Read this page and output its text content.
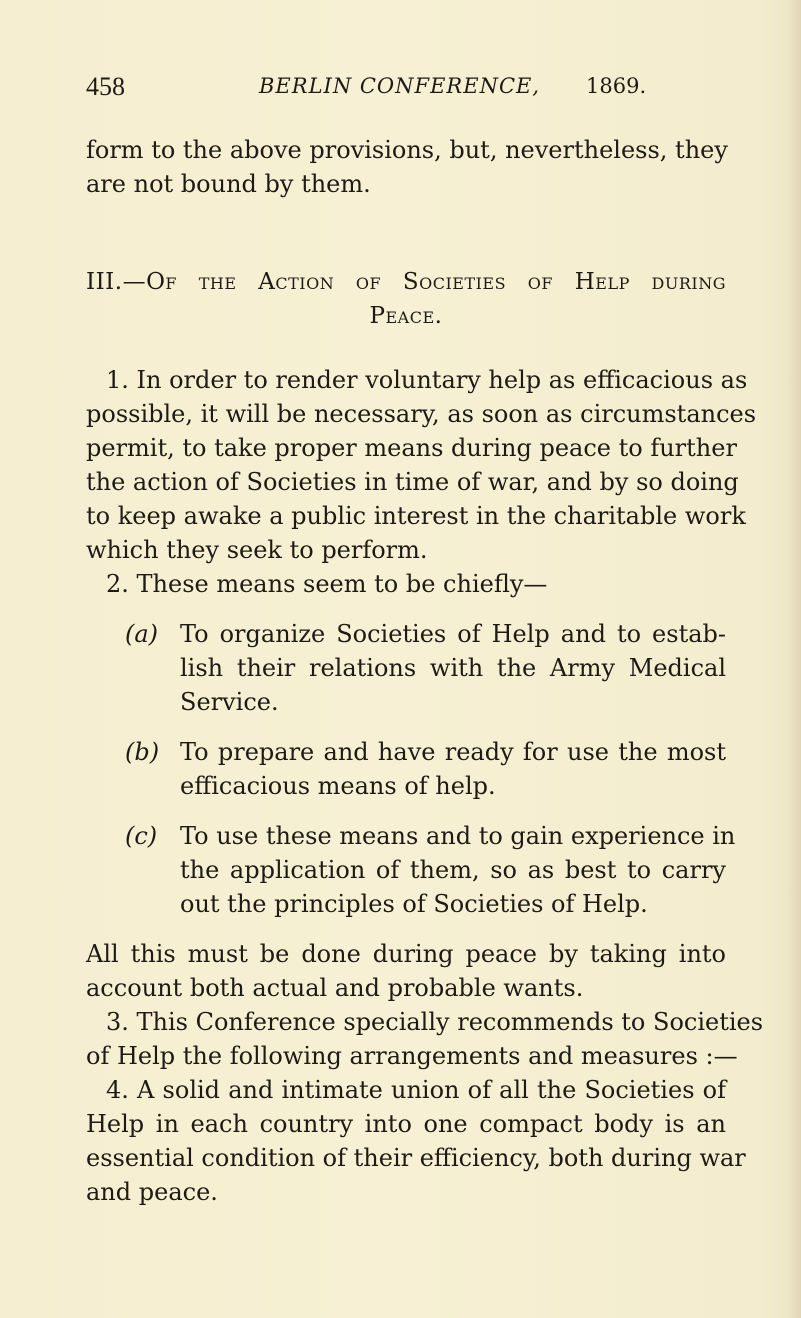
458	BERLIN CONFERENCE, 1869.
form to the above provisions, but, nevertheless, they
are not bound by them.
III.—Of the Action of Societies of Help during
Peace.
1. In order to render voluntary help as efficacious as
possible, it will be necessary, as soon as circumstances
permit, to take proper means during peace to further
the action of Societies in time of war, and by so doing
to keep awake a public interest in the charitable work
which they seek to perform.
2. These means seem to be chiefly—
(a) To organize Societies of Help and to estab-
lish their relations with the Army Medical
Service.
(b) To prepare and have ready for use the most
efficacious means of help.
(c) To use these means and to gain experience in
the application of them, so as best to carry
out the principles of Societies of Help.
All this must be done during peace by taking into
account both actual and probable wants.
3. This Conference specially recommends to Societies
of Help the following arrangements and measures :—
4. A solid and intimate union of all the Societies of
Help in each country into one compact body is an
essential condition of their efficiency, both during war
and peace.
